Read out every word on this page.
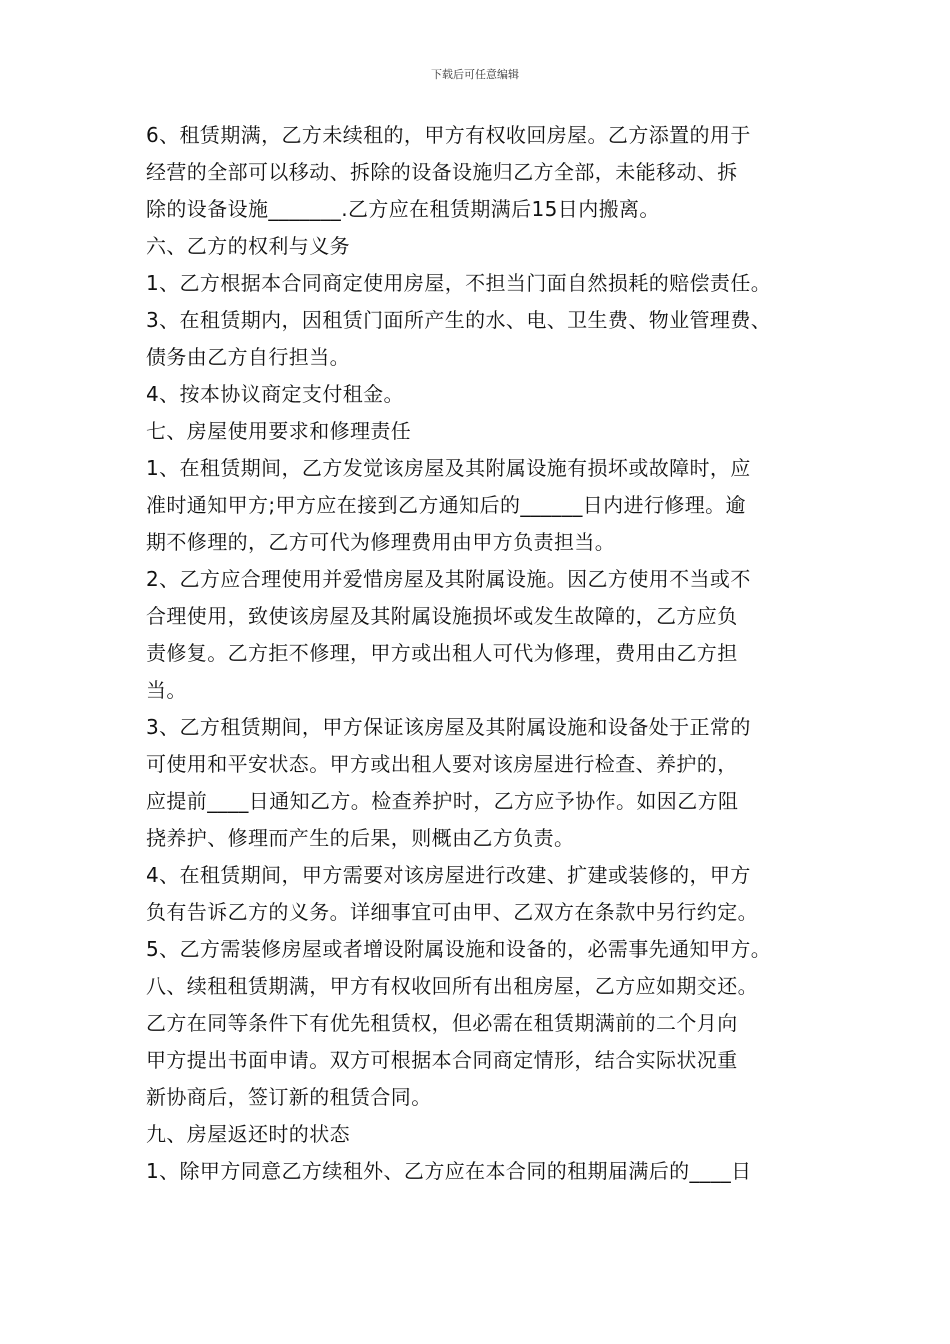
下载后可任意编辑
6、租赁期满，乙方未续租的，甲方有权收回房屋。乙方添置的用于
经营的全部可以移动、拆除的设备设施归乙方全部，未能移动、拆
除的设备设施_______.乙方应在租赁期满后15日内搬离。
六、乙方的权利与义务
1、乙方根据本合同商定使用房屋，不担当门面自然损耗的赔偿责任。
3、在租赁期内，因租赁门面所产生的水、电、卫生费、物业管理费、
债务由乙方自行担当。
4、按本协议商定支付租金。
七、房屋使用要求和修理责任
1、在租赁期间，乙方发觉该房屋及其附属设施有损坏或故障时，应
准时通知甲方;甲方应在接到乙方通知后的______日内进行修理。逾
期不修理的，乙方可代为修理费用由甲方负责担当。
2、乙方应合理使用并爱惜房屋及其附属设施。因乙方使用不当或不
合理使用，致使该房屋及其附属设施损坏或发生故障的，乙方应负
责修复。乙方拒不修理，甲方或出租人可代为修理，费用由乙方担
当。
3、乙方租赁期间，甲方保证该房屋及其附属设施和设备处于正常的
可使用和平安状态。甲方或出租人要对该房屋进行检查、养护的，
应提前____日通知乙方。检查养护时，乙方应予协作。如因乙方阻
挠养护、修理而产生的后果，则概由乙方负责。
4、在租赁期间，甲方需要对该房屋进行改建、扩建或装修的，甲方
负有告诉乙方的义务。详细事宜可由甲、乙双方在条款中另行约定。
5、乙方需装修房屋或者增设附属设施和设备的，必需事先通知甲方。
八、续租租赁期满，甲方有权收回所有出租房屋，乙方应如期交还。
乙方在同等条件下有优先租赁权，但必需在租赁期满前的二个月向
甲方提出书面申请。双方可根据本合同商定情形，结合实际状况重
新协商后，签订新的租赁合同。
九、房屋返还时的状态
1、除甲方同意乙方续租外、乙方应在本合同的租期届满后的____日
